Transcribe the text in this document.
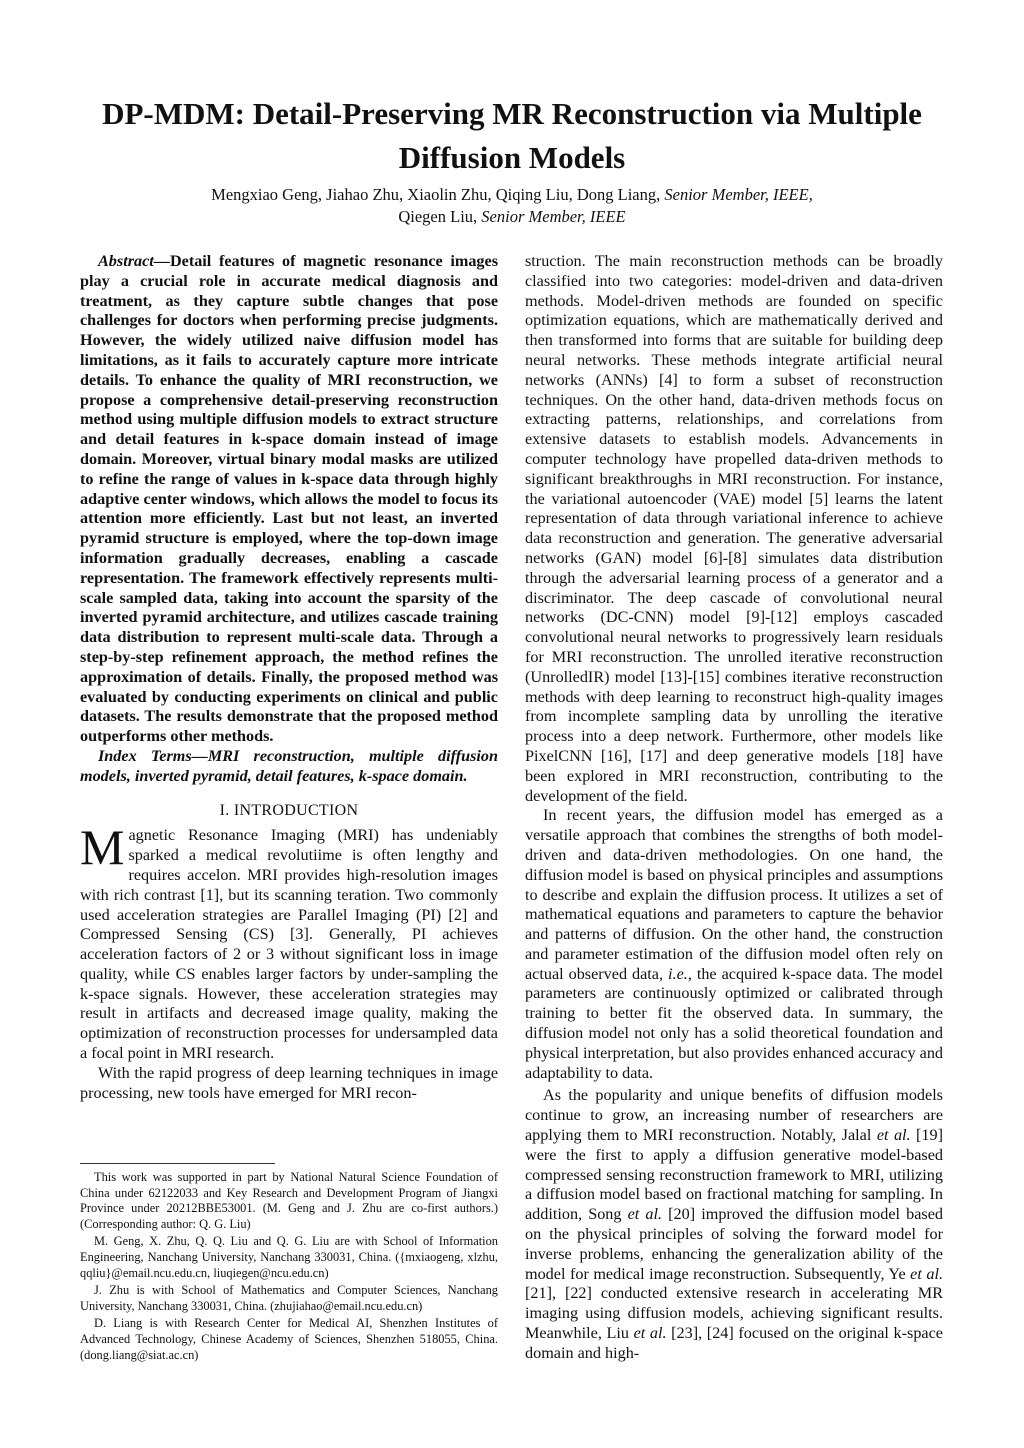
DP-MDM: Detail-Preserving MR Reconstruction via Multiple Diffusion Models
Mengxiao Geng, Jiahao Zhu, Xiaolin Zhu, Qiqing Liu, Dong Liang, Senior Member, IEEE,
Qiegen Liu, Senior Member, IEEE

Abstract—Detail features of magnetic resonance images play a crucial role in accurate medical diagnosis and treatment, as they capture subtle changes that pose challenges for doctors when performing precise judgments. However, the widely utilized naive diffusion model has limitations, as it fails to accurately capture more intricate details. To enhance the quality of MRI reconstruction, we propose a comprehensive detail-preserving reconstruction method using multiple diffusion models to extract structure and detail features in k-space domain instead of image domain. Moreover, virtual binary modal masks are utilized to refine the range of values in k-space data through highly adaptive center windows, which allows the model to focus its attention more efficiently. Last but not least, an inverted pyramid structure is employed, where the top-down image information gradually decreases, enabling a cascade representation. The framework effectively represents multi-scale sampled data, taking into account the sparsity of the inverted pyramid architecture, and utilizes cascade training data distribution to represent multi-scale data. Through a step-by-step refinement approach, the method refines the approximation of details. Finally, the proposed method was evaluated by conducting experiments on clinical and public datasets. The results demonstrate that the proposed method outperforms other methods.

Index Terms—MRI reconstruction, multiple diffusion models, inverted pyramid, detail features, k-space domain.

I. INTRODUCTION

Magnetic Resonance Imaging (MRI) has undeniably sparked a medical revolutiime is often lengthy and requires accelon. MRI provides high-resolution images with rich contrast [1], but its scanning teration. Two commonly used acceleration strategies are Parallel Imaging (PI) [2] and Compressed Sensing (CS) [3]. Generally, PI achieves acceleration factors of 2 or 3 without significant loss in image quality, while CS enables larger factors by under-sampling the k-space signals. However, these acceleration strategies may result in artifacts and decreased image quality, making the optimization of reconstruction processes for undersampled data a focal point in MRI research.

With the rapid progress of deep learning techniques in image processing, new tools have emerged for MRI recon-

This work was supported in part by National Natural Science Foundation of China under 62122033 and Key Research and Development Program of Jiangxi Province under 20212BBE53001. (M. Geng and J. Zhu are co-first authors.) (Corresponding author: Q. G. Liu)

M. Geng, X. Zhu, Q. Q. Liu and Q. G. Liu are with School of Information Engineering, Nanchang University, Nanchang 330031, China. ({mxiaogeng, xlzhu, qqliu}@email.ncu.edu.cn, liuqiegen@ncu.edu.cn)

J. Zhu is with School of Mathematics and Computer Sciences, Nanchang University, Nanchang 330031, China. (zhujiahao@email.ncu.edu.cn)

D. Liang is with Research Center for Medical AI, Shenzhen Institutes of Advanced Technology, Chinese Academy of Sciences, Shenzhen 518055, China. (dong.liang@siat.ac.cn)

struction. The main reconstruction methods can be broadly classified into two categories: model-driven and data-driven methods. Model-driven methods are founded on specific optimization equations, which are mathematically derived and then transformed into forms that are suitable for building deep neural networks. These methods integrate artificial neural networks (ANNs) [4] to form a subset of reconstruction techniques. On the other hand, data-driven methods focus on extracting patterns, relationships, and correlations from extensive datasets to establish models. Advancements in computer technology have propelled data-driven methods to significant breakthroughs in MRI reconstruction. For instance, the variational autoencoder (VAE) model [5] learns the latent representation of data through variational inference to achieve data reconstruction and generation. The generative adversarial networks (GAN) model [6]-[8] simulates data distribution through the adversarial learning process of a generator and a discriminator. The deep cascade of convolutional neural networks (DC-CNN) model [9]-[12] employs cascaded convolutional neural networks to progressively learn residuals for MRI reconstruction. The unrolled iterative reconstruction (UnrolledIR) model [13]-[15] combines iterative reconstruction methods with deep learning to reconstruct high-quality images from incomplete sampling data by unrolling the iterative process into a deep network. Furthermore, other models like PixelCNN [16], [17] and deep generative models [18] have been explored in MRI reconstruction, contributing to the development of the field.

In recent years, the diffusion model has emerged as a versatile approach that combines the strengths of both model-driven and data-driven methodologies. On one hand, the diffusion model is based on physical principles and assumptions to describe and explain the diffusion process. It utilizes a set of mathematical equations and parameters to capture the behavior and patterns of diffusion. On the other hand, the construction and parameter estimation of the diffusion model often rely on actual observed data, i.e., the acquired k-space data. The model parameters are continuously optimized or calibrated through training to better fit the observed data. In summary, the diffusion model not only has a solid theoretical foundation and physical interpretation, but also provides enhanced accuracy and adaptability to data.

As the popularity and unique benefits of diffusion models continue to grow, an increasing number of researchers are applying them to MRI reconstruction. Notably, Jalal et al. [19] were the first to apply a diffusion generative model-based compressed sensing reconstruction framework to MRI, utilizing a diffusion model based on fractional matching for sampling. In addition, Song et al. [20] improved the diffusion model based on the physical principles of solving the forward model for inverse problems, enhancing the generalization ability of the model for medical image reconstruction. Subsequently, Ye et al. [21], [22] conducted extensive research in accelerating MR imaging using diffusion models, achieving significant results. Meanwhile, Liu et al. [23], [24] focused on the original k-space domain and high-
